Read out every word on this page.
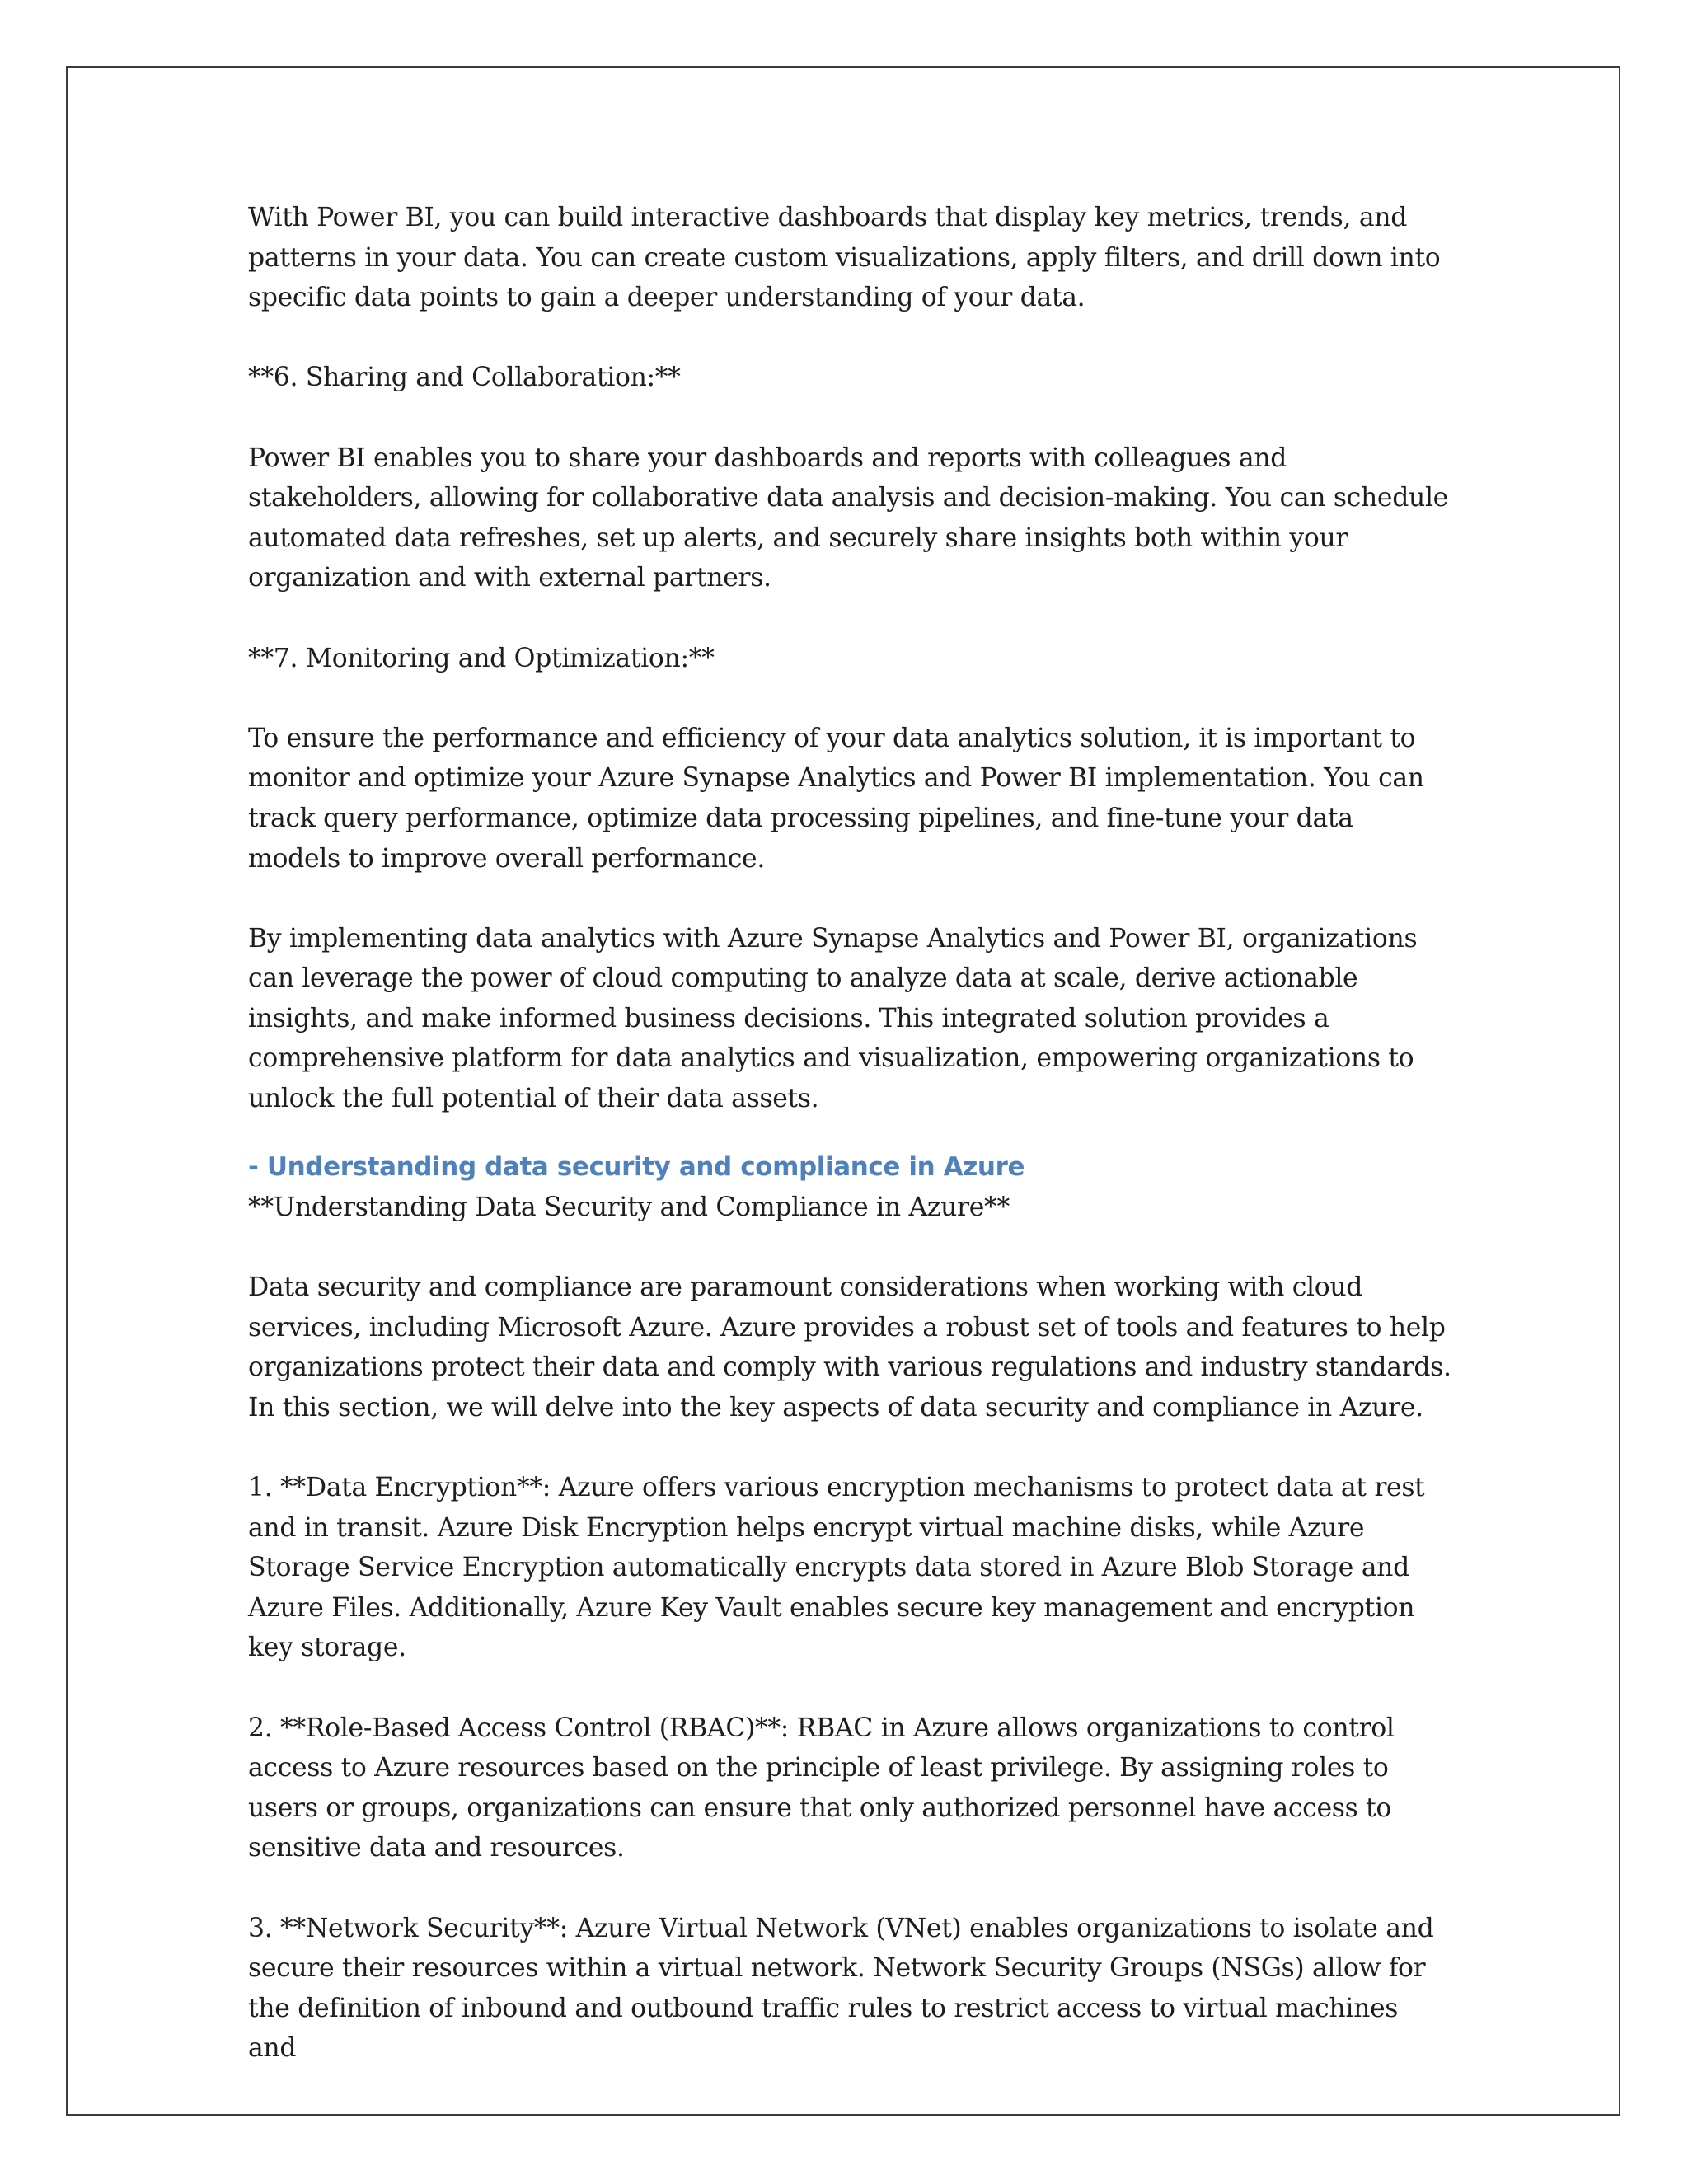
With Power BI, you can build interactive dashboards that display key metrics, trends, and patterns in your data. You can create custom visualizations, apply filters, and drill down into specific data points to gain a deeper understanding of your data.

**6. Sharing and Collaboration:**

Power BI enables you to share your dashboards and reports with colleagues and stakeholders, allowing for collaborative data analysis and decision-making. You can schedule automated data refreshes, set up alerts, and securely share insights both within your organization and with external partners.

**7. Monitoring and Optimization:**

To ensure the performance and efficiency of your data analytics solution, it is important to monitor and optimize your Azure Synapse Analytics and Power BI implementation. You can track query performance, optimize data processing pipelines, and fine-tune your data models to improve overall performance.

By implementing data analytics with Azure Synapse Analytics and Power BI, organizations can leverage the power of cloud computing to analyze data at scale, derive actionable insights, and make informed business decisions. This integrated solution provides a comprehensive platform for data analytics and visualization, empowering organizations to unlock the full potential of their data assets.

- Understanding data security and compliance in Azure

**Understanding Data Security and Compliance in Azure**

Data security and compliance are paramount considerations when working with cloud services, including Microsoft Azure. Azure provides a robust set of tools and features to help organizations protect their data and comply with various regulations and industry standards. In this section, we will delve into the key aspects of data security and compliance in Azure.

1. **Data Encryption**: Azure offers various encryption mechanisms to protect data at rest and in transit. Azure Disk Encryption helps encrypt virtual machine disks, while Azure Storage Service Encryption automatically encrypts data stored in Azure Blob Storage and Azure Files. Additionally, Azure Key Vault enables secure key management and encryption key storage.

2. **Role-Based Access Control (RBAC)**: RBAC in Azure allows organizations to control access to Azure resources based on the principle of least privilege. By assigning roles to users or groups, organizations can ensure that only authorized personnel have access to sensitive data and resources.

3. **Network Security**: Azure Virtual Network (VNet) enables organizations to isolate and secure their resources within a virtual network. Network Security Groups (NSGs) allow for the definition of inbound and outbound traffic rules to restrict access to virtual machines and
